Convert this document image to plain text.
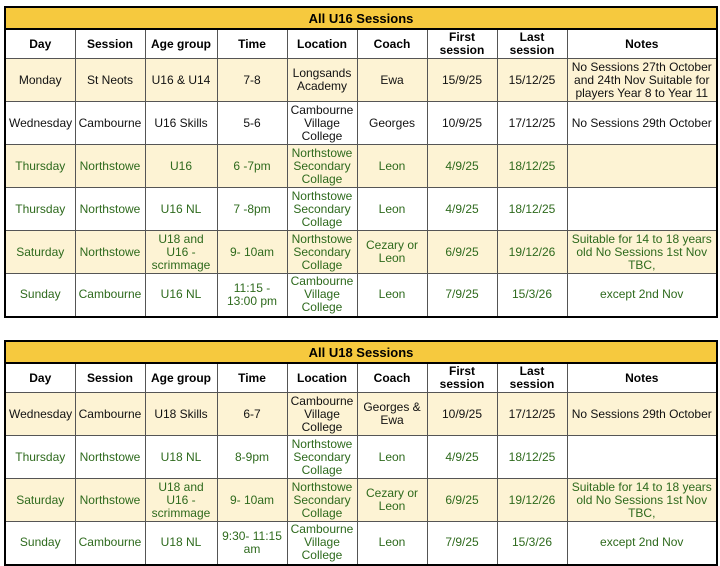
All U16 Sessions								
Day	Session	Age group	Time	Location	Coach	First session	Last session	Notes
Monday	St Neots	U16 & U14	7-8	Longsands Academy	Ewa	15/9/25	15/12/25	No Sessions 27th October and 24th Nov Suitable for players Year 8 to Year 11
Wednesday	Cambourne	U16 Skills	5-6	Cambourne Village College	Georges	10/9/25	17/12/25	No Sessions 29th October
Thursday	Northstowe	U16	6 -7pm	Northstowe Secondary Collage	Leon	4/9/25	18/12/25	
Thursday	Northstowe	U16 NL	7 -8pm	Northstowe Secondary Collage	Leon	4/9/25	18/12/25	
Saturday	Northstowe	U18 and U16 - scrimmage	9- 10am	Northstowe Secondary Collage	Cezary or Leon	6/9/25	19/12/26	Suitable for 14 to 18 years old No Sessions 1st Nov TBC,
Sunday	Cambourne	U16 NL	11:15 - 13:00 pm	Cambourne Village College	Leon	7/9/25	15/3/26	except 2nd Nov
All U18 Sessions								
Day	Session	Age group	Time	Location	Coach	First session	Last session	Notes
Wednesday	Cambourne	U18 Skills	6-7	Cambourne Village College	Georges & Ewa	10/9/25	17/12/25	No Sessions 29th October
Thursday	Northstowe	U18 NL	8-9pm	Northstowe Secondary Collage	Leon	4/9/25	18/12/25	
Saturday	Northstowe	U18 and U16 - scrimmage	9- 10am	Northstowe Secondary Collage	Cezary or Leon	6/9/25	19/12/26	Suitable for 14 to 18 years old No Sessions 1st Nov TBC,
Sunday	Cambourne	U18 NL	9:30- 11:15 am	Cambourne Village College	Leon	7/9/25	15/3/26	except 2nd Nov
